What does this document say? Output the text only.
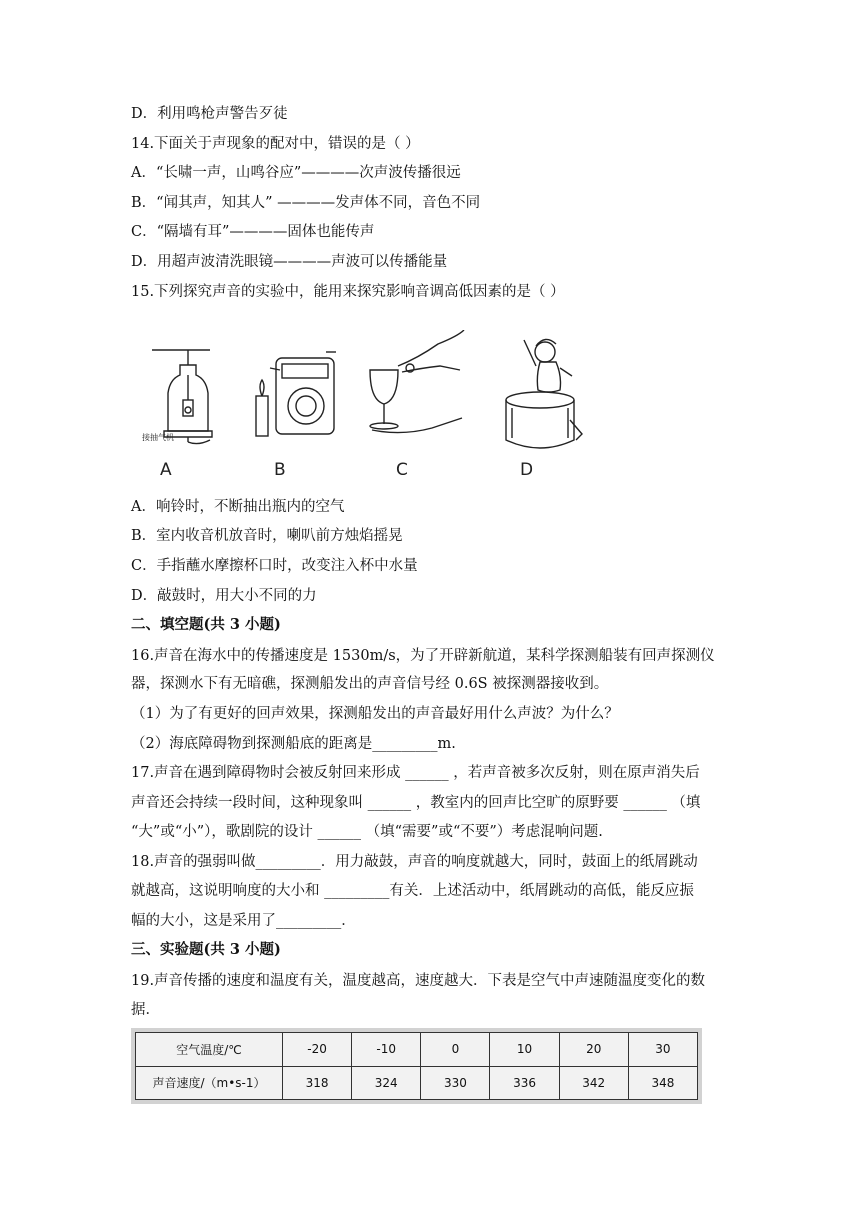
D．利用鸣枪声警告歹徒
14.下面关于声现象的配对中，错误的是（ ）
A．“长啸一声，山鸣谷应”————次声波传播很远
B．“闻其声，知其人” ————发声体不同，音色不同
C．“隔墙有耳”————固体也能传声
D．用超声波清洗眼镜————声波可以传播能量
15.下列探究声音的实验中，能用来探究影响音调高低因素的是（ ）
接抽气机
A	B	C	D
A．响铃时，不断抽出瓶内的空气
B．室内收音机放音时，喇叭前方烛焰摇晃
C．手指蘸水摩擦杯口时，改变注入杯中水量
D．敲鼓时，用大小不同的力
二、填空题(共 3 小题)
16.声音在海水中的传播速度是 1530m/s，为了开辟新航道，某科学探测船装有回声探测仪
器，探测水下有无暗礁，探测船发出的声音信号经 0.6S 被探测器接收到。
（1）为了有更好的回声效果，探测船发出的声音最好用什么声波？为什么？
（2）海底障碍物到探测船底的距离是_________m.
17.声音在遇到障碍物时会被反射回来形成 ______ ，若声音被多次反射，则在原声消失后
声音还会持续一段时间，这种现象叫 ______ ，教室内的回声比空旷的原野要 ______ （填
“大”或“小”），歌剧院的设计 ______ （填“需要”或“不要”）考虑混响问题.
18.声音的强弱叫做_________．用力敲鼓，声音的响度就越大，同时，鼓面上的纸屑跳动
就越高，这说明响度的大小和 _________有关．上述活动中，纸屑跳动的高低，能反应振
幅的大小，这是采用了_________．
三、实验题(共 3 小题)
19.声音传播的速度和温度有关，温度越高，速度越大．下表是空气中声速随温度变化的数
据．
空气温度/℃	-20	-10	0	10	20	30
声音速度/（m•s-1）	318	324	330	336	342	348
